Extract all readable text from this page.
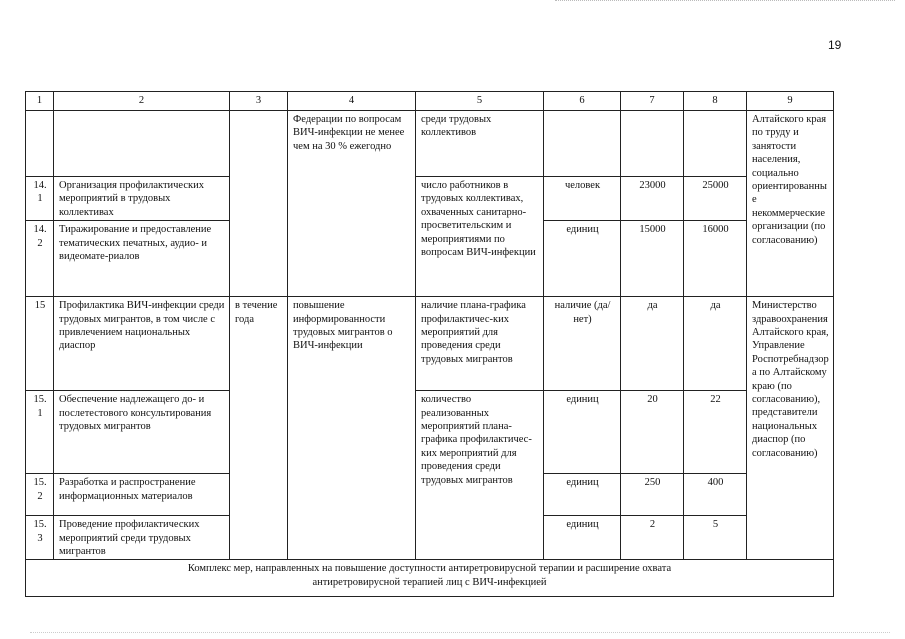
19
1	2	3	4	5	6	7	8	9
			Федерации по вопросам ВИЧ-инфекции не менее чем на 30 % ежегодно	среди трудовых коллективов				Алтайского края по труду и занятости населения, социально ориентированные некоммерческие организации (по согласованию)
14.1	Организация профилактических мероприятий в трудовых коллективах			число работников в трудовых коллективах, охваченных санитарно-просветительским и мероприятиями по вопросам ВИЧ-инфекции	человек	23000	25000	
14.2	Тиражирование и предоставление тематических печатных, аудио- и видеомате-риалов				единиц	15000	16000	
15	Профилактика ВИЧ-инфекции среди трудовых мигрантов, в том числе с привлечением национальных диаспор	в течение года	повышение информированности трудовых мигрантов о ВИЧ-инфекции	наличие плана-графика профилактичес-ких мероприятий для проведения среди трудовых мигрантов	наличие (да/нет)	да	да	Министерство здравоохранения Алтайского края, Управление Роспотребнадзора по Алтайскому краю (по согласованию), представители национальных диаспор (по согласованию)
15.1	Обеспечение надлежащего до- и послетестового консультирования трудовых мигрантов			количество реализованных мероприятий плана-графика профилактичес-ких мероприятий для проведения среди трудовых мигрантов	единиц	20	22	
15.2	Разработка и распространение информационных материалов				единиц	250	400	
15.3	Проведение профилактических мероприятий среди трудовых мигрантов				единиц	2	5	

Комплекс мер, направленных на повышение доступности антиретровирусной терапии и расширение охвата
антиретровирусной терапией лиц с ВИЧ-инфекцией								
